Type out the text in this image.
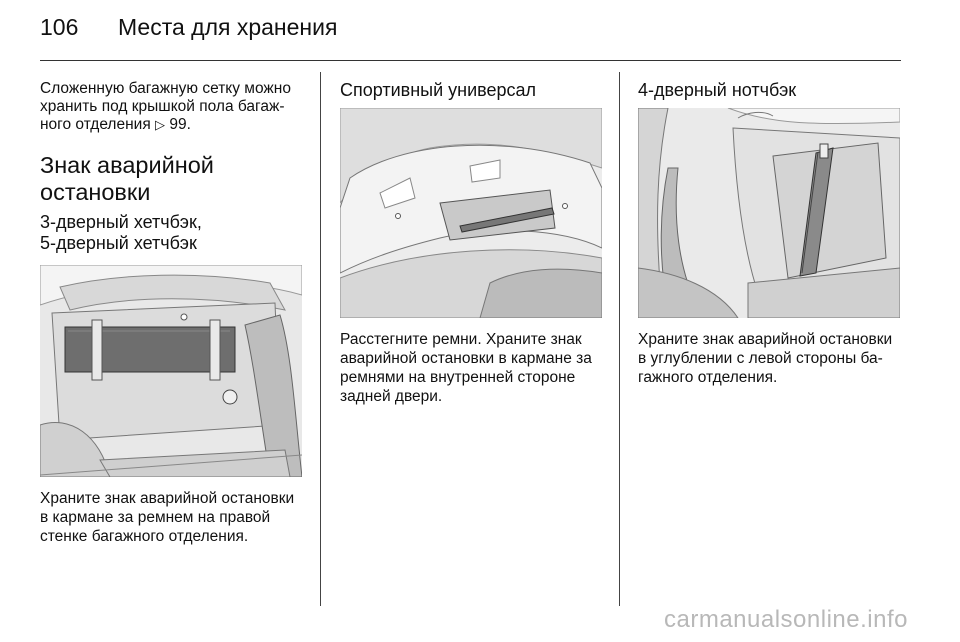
106 Места для хранения

Сложенную багажную сетку можно

хранить под крышкой пола багаж-

ного отделения ▷ 99.

Знак аварийной
остановки
3-дверный хетчбэк,
5-дверный хетчбэк

Храните знак аварийной остановки

в кармане за ремнем на правой

стенке багажного отделения.

Спортивный универсал

Расстегните ремни. Храните знак

аварийной остановки в кармане за

ремнями на внутренней стороне

задней двери.

4-дверный нотчбэк

Храните знак аварийной остановки

в углублении с левой стороны ба-

гажного отделения.

carmanualsonline.info
